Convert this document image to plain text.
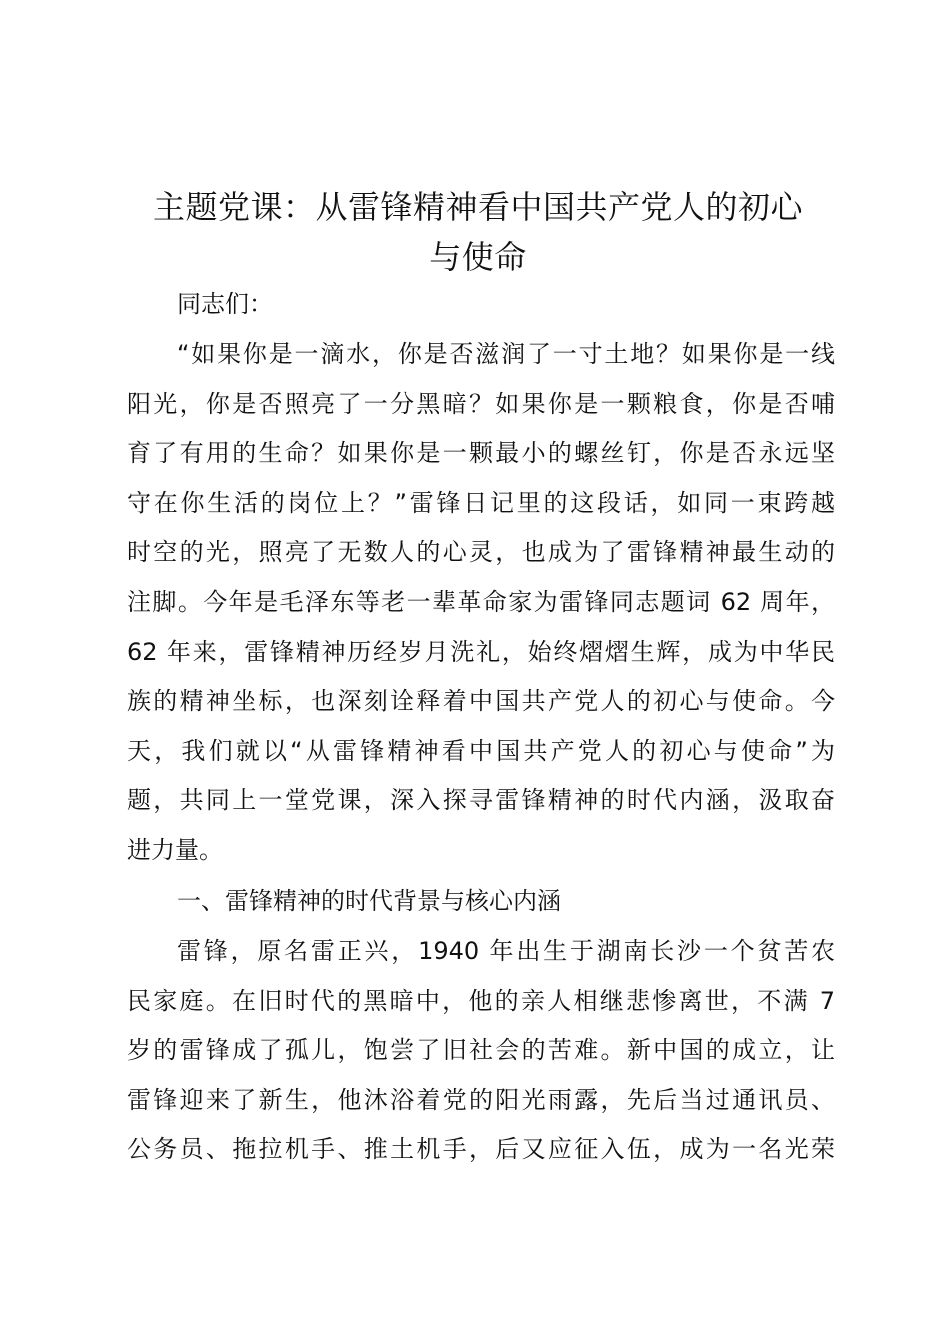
主题党课：从雷锋精神看中国共产党人的初心
与使命
同志们：
“如果你是一滴水，你是否滋润了一寸土地？如果你是一线
阳光，你是否照亮了一分黑暗？如果你是一颗粮食，你是否哺
育了有用的生命？如果你是一颗最小的螺丝钉，你是否永远坚
守在你生活的岗位上？”雷锋日记里的这段话，如同一束跨越
时空的光，照亮了无数人的心灵，也成为了雷锋精神最生动的
注脚。今年是毛泽东等老一辈革命家为雷锋同志题词 62 周年，
62 年来，雷锋精神历经岁月洗礼，始终熠熠生辉，成为中华民
族的精神坐标，也深刻诠释着中国共产党人的初心与使命。今
天，我们就以“从雷锋精神看中国共产党人的初心与使命”为
题，共同上一堂党课，深入探寻雷锋精神的时代内涵，汲取奋
进力量。
一、雷锋精神的时代背景与核心内涵
雷锋，原名雷正兴，1940 年出生于湖南长沙一个贫苦农
民家庭。在旧时代的黑暗中，他的亲人相继悲惨离世，不满 7
岁的雷锋成了孤儿，饱尝了旧社会的苦难。新中国的成立，让
雷锋迎来了新生，他沐浴着党的阳光雨露，先后当过通讯员、
公务员、拖拉机手、推土机手，后又应征入伍，成为一名光荣
